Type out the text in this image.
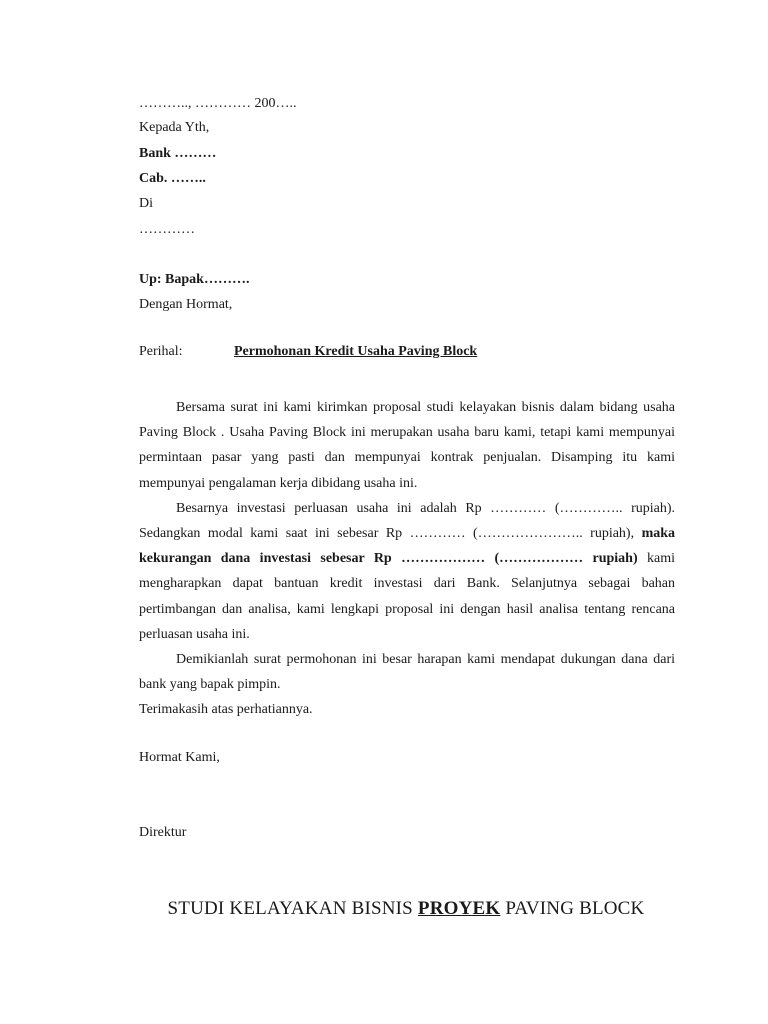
……….., ………… 200…..
Kepada Yth,
Bank ………
Cab. ……..
Di
…………
Up: Bapak……….
Dengan Hormat,
Perihal:	Permohonan Kredit Usaha Paving Block

Bersama surat ini kami kirimkan proposal studi kelayakan bisnis dalam bidang usaha Paving Block . Usaha Paving Block ini merupakan usaha baru kami, tetapi kami mempunyai permintaan pasar yang pasti dan mempunyai kontrak penjualan. Disamping itu kami mempunyai pengalaman kerja dibidang usaha ini.

Besarnya investasi perluasan usaha ini adalah Rp ………… (………….. rupiah). Sedangkan modal kami saat ini sebesar Rp ………… (………………….. rupiah), maka kekurangan dana investasi sebesar Rp ……………… (……………… rupiah) kami mengharapkan dapat bantuan kredit investasi dari Bank. Selanjutnya sebagai bahan pertimbangan dan analisa, kami lengkapi proposal ini dengan hasil analisa tentang rencana perluasan usaha ini.

Demikianlah surat permohonan ini besar harapan kami mendapat dukungan dana dari bank yang bapak pimpin.

Terimakasih atas perhatiannya.

Hormat Kami,
Direktur
STUDI KELAYAKAN BISNIS PROYEK PAVING BLOCK
